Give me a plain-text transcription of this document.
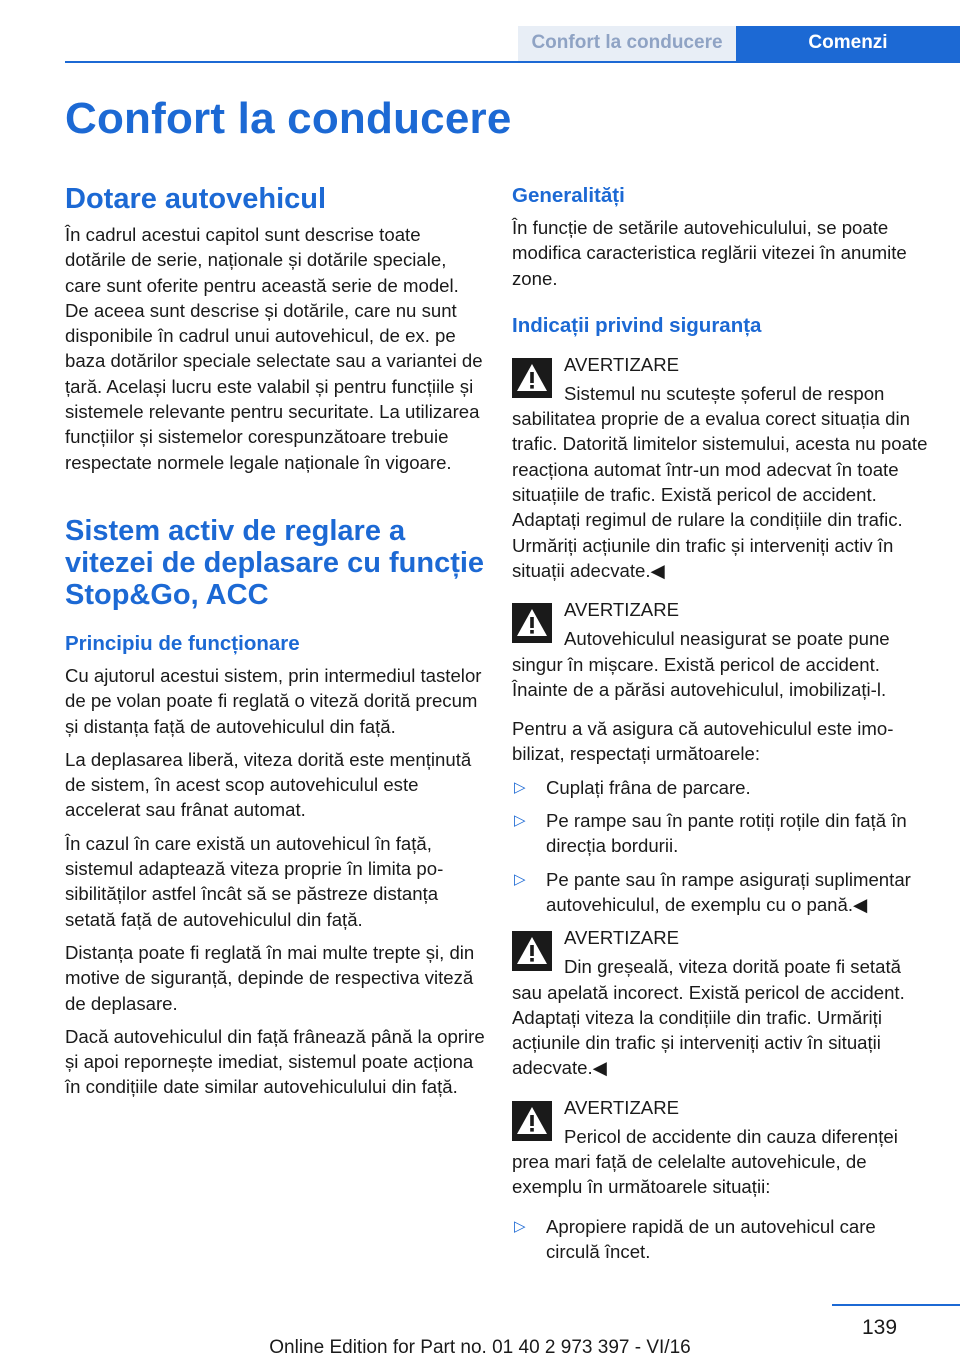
Confort la conducere	Comenzi
Confort la conducere
Dotare autovehicul

În cadrul acestui capitol sunt descrise toate dotările de serie, naționale și dotările speciale, care sunt oferite pentru această serie de model. De aceea sunt descrise și dotările, care nu sunt disponibile în cadrul unui autovehicul, de ex. pe baza dotărilor speciale selectate sau a variantei de țară. Același lucru este valabil și pentru funcțiile și sistemele relevante pentru securitate. La utilizarea funcțiilor și sistemelor corespunzătoare trebuie respectate normele legale naționale în vigoare.

Sistem activ de reglare a vitezei de deplasare cu funcție Stop&Go, ACC
Principiu de funcționare

Cu ajutorul acestui sistem, prin intermediul tastelor de pe volan poate fi reglată o viteză dorită precum și distanța față de autovehiculul din față.

La deplasarea liberă, viteza dorită este menținută de sistem, în acest scop autovehiculul este accelerat sau frânat automat.

În cazul în care există un autovehicul în față, sistemul adaptează viteza proprie în limita posibilităților astfel încât să se păstreze distanța setată față de autovehiculul din față.

Distanța poate fi reglată în mai multe trepte și, din motive de siguranță, depinde de respectiva viteză de deplasare.

Dacă autovehiculul din față frânează până la oprire și apoi repornește imediat, sistemul poate acționa în condițiile date similar autovehiculului din față.

Generalități

În funcție de setările autovehiculului, se poate modifica caracteristica reglării vitezei în anumite zone.

Indicații privind siguranța
AVERTIZARE
Sistemul nu scutește șoferul de respon

sabilitatea proprie de a evalua corect situația din trafic. Datorită limitelor sistemului, acesta nu poate reacționa automat într-un mod adecvat în toate situațiile de trafic. Există pericol de accident. Adaptați regimul de rulare la condițiile din trafic. Urmăriți acțiunile din trafic și interveniți activ în situații adecvate.◀

AVERTIZARE
Autovehiculul neasigurat se poate pune

singur în mișcare. Există pericol de accident. Înainte de a părăsi autovehiculul, imobilizați-l.

Pentru a vă asigura că autovehiculul este imobilizat, respectați următoarele:

▷ Cuplați frâna de parcare.
▷ Pe rampe sau în pante rotiți roțile din față în direcția bordurii.
▷ Pe pante sau în rampe asigurați suplimentar autovehiculul, de exemplu cu o pană.◀
AVERTIZARE
Din greșeală, viteza dorită poate fi setată

sau apelată incorect. Există pericol de accident. Adaptați viteza la condițiile din trafic. Urmăriți acțiunile din trafic și interveniți activ în situații adecvate.◀

AVERTIZARE
Pericol de accidente din cauza diferenței

prea mari față de celelalte autovehicule, de exemplu în următoarele situații:

▷ Apropiere rapidă de un autovehicul care circulă încet.
139
Online Edition for Part no. 01 40 2 973 397 - VI/16
